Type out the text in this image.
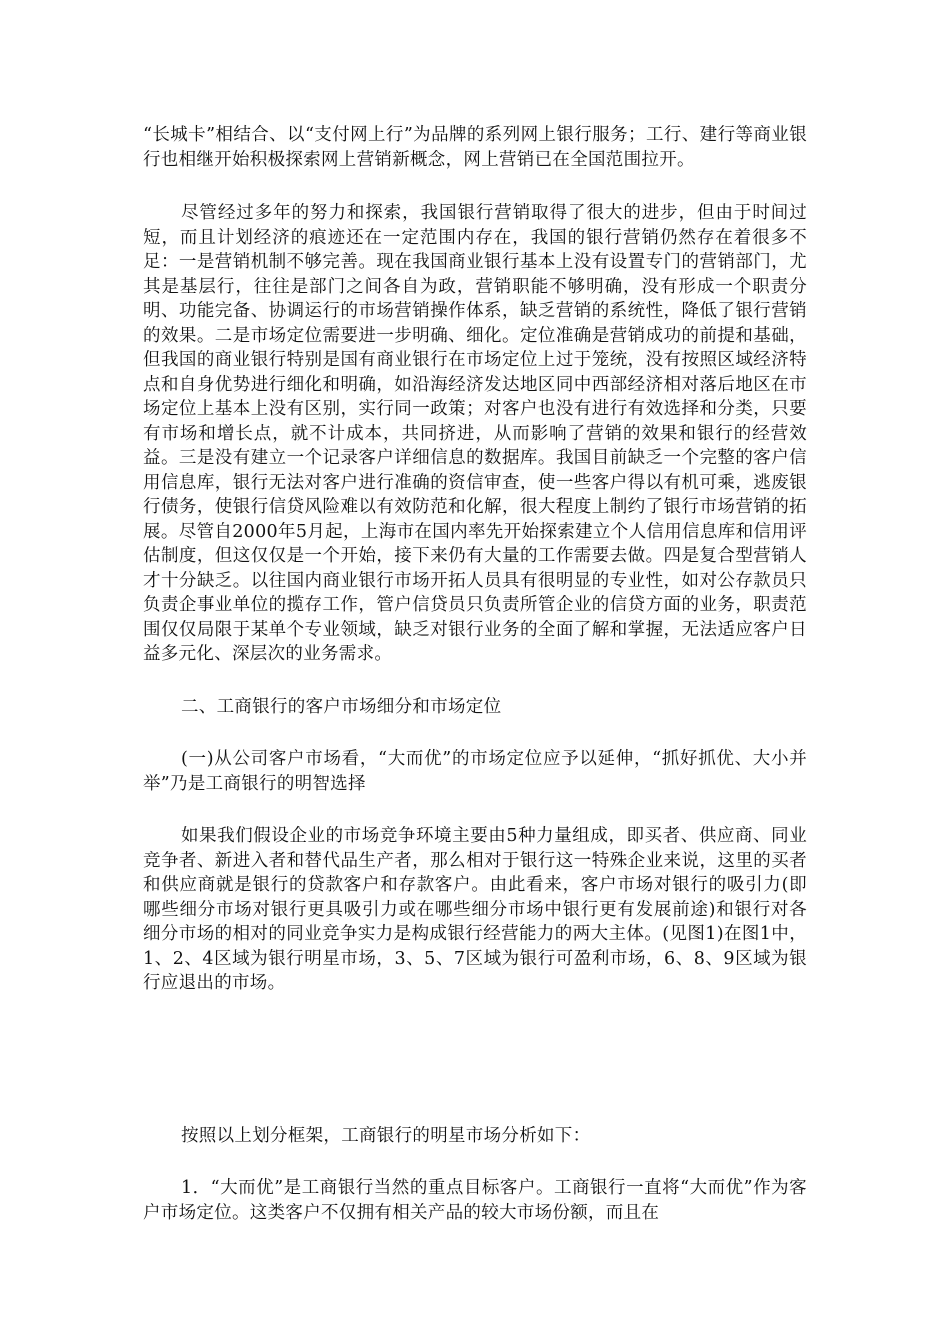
“长城卡”相结合、以“支付网上行”为品牌的系列网上银行服务；工行、建行等商业银行也相继开始积极探索网上营销新概念，网上营销已在全国范围拉开。

尽管经过多年的努力和探索，我国银行营销取得了很大的进步，但由于时间过短，而且计划经济的痕迹还在一定范围内存在，我国的银行营销仍然存在着很多不足：一是营销机制不够完善。现在我国商业银行基本上没有设置专门的营销部门，尤其是基层行，往往是部门之间各自为政，营销职能不够明确，没有形成一个职责分明、功能完备、协调运行的市场营销操作体系，缺乏营销的系统性，降低了银行营销的效果。二是市场定位需要进一步明确、细化。定位准确是营销成功的前提和基础，但我国的商业银行特别是国有商业银行在市场定位上过于笼统，没有按照区域经济特点和自身优势进行细化和明确，如沿海经济发达地区同中西部经济相对落后地区在市场定位上基本上没有区别，实行同一政策；对客户也没有进行有效选择和分类，只要有市场和增长点，就不计成本，共同挤进，从而影响了营销的效果和银行的经营效益。三是没有建立一个记录客户详细信息的数据库。我国目前缺乏一个完整的客户信用信息库，银行无法对客户进行准确的资信审查，使一些客户得以有机可乘，逃废银行债务，使银行信贷风险难以有效防范和化解，很大程度上制约了银行市场营销的拓展。尽管自2000年5月起，上海市在国内率先开始探索建立个人信用信息库和信用评估制度，但这仅仅是一个开始，接下来仍有大量的工作需要去做。四是复合型营销人才十分缺乏。以往国内商业银行市场开拓人员具有很明显的专业性，如对公存款员只负责企事业单位的揽存工作，管户信贷员只负责所管企业的信贷方面的业务，职责范围仅仅局限于某单个专业领域，缺乏对银行业务的全面了解和掌握，无法适应客户日益多元化、深层次的业务需求。

二、工商银行的客户市场细分和市场定位

(一)从公司客户市场看，“大而优”的市场定位应予以延伸，“抓好抓优、大小并举”乃是工商银行的明智选择

如果我们假设企业的市场竞争环境主要由5种力量组成，即买者、供应商、同业竞争者、新进入者和替代品生产者，那么相对于银行这一特殊企业来说，这里的买者和供应商就是银行的贷款客户和存款客户。由此看来，客户市场对银行的吸引力(即哪些细分市场对银行更具吸引力或在哪些细分市场中银行更有发展前途)和银行对各细分市场的相对的同业竞争实力是构成银行经营能力的两大主体。(见图1)在图1中，1、2、4区域为银行明星市场，3、5、7区域为银行可盈利市场，6、8、9区域为银行应退出的市场。

按照以上划分框架，工商银行的明星市场分析如下：

1．“大而优”是工商银行当然的重点目标客户。工商银行一直将“大而优”作为客户市场定位。这类客户不仅拥有相关产品的较大市场份额，而且在
